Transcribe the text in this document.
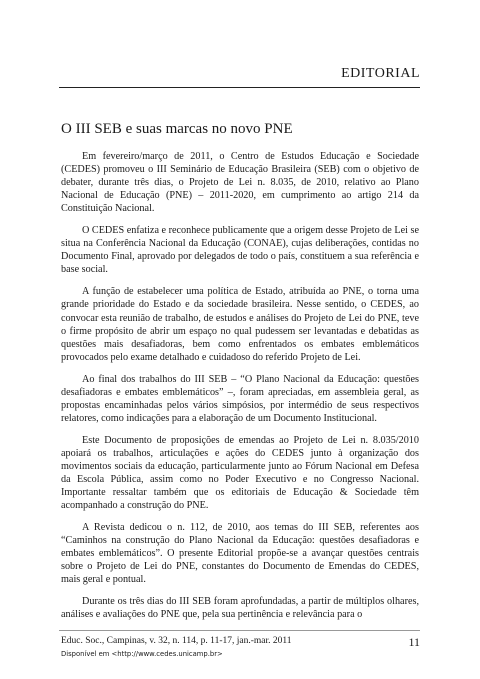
EDITORIAL
O III SEB e suas marcas no novo PNE

Em fevereiro/março de 2011, o Centro de Estudos Educação e Sociedade (CEDES) promoveu o III Seminário de Educação Brasileira (SEB) com o objetivo de debater, durante três dias, o Projeto de Lei n. 8.035, de 2010, relativo ao Plano Nacional de Educação (PNE) – 2011-2020, em cumprimento ao artigo 214 da Constituição Nacional.

O CEDES enfatiza e reconhece publicamente que a origem desse Projeto de Lei se situa na Conferência Nacional da Educação (CONAE), cujas deliberações, contidas no Documento Final, aprovado por delegados de todo o país, constituem a sua referência e base social.

A função de estabelecer uma política de Estado, atribuída ao PNE, o torna uma grande prioridade do Estado e da sociedade brasileira. Nesse sentido, o CEDES, ao convocar esta reunião de trabalho, de estudos e análises do Projeto de Lei do PNE, teve o firme propósito de abrir um espaço no qual pudessem ser levantadas e debatidas as questões mais desafiadoras, bem como enfrentados os embates emblemáticos provocados pelo exame detalhado e cuidadoso do referido Projeto de Lei.

Ao final dos trabalhos do III SEB – “O Plano Nacional da Educação: questões desafiadoras e embates emblemáticos” –, foram apreciadas, em assembleia geral, as propostas encaminhadas pelos vários simpósios, por intermédio de seus respectivos relatores, como indicações para a elaboração de um Documento Institucional.

Este Documento de proposições de emendas ao Projeto de Lei n. 8.035/2010 apoiará os trabalhos, articulações e ações do CEDES junto à organização dos movimentos sociais da educação, particularmente junto ao Fórum Nacional em Defesa da Escola Pública, assim como no Poder Executivo e no Congresso Nacional. Importante ressaltar também que os editoriais de Educação & Sociedade têm acompanhado a construção do PNE.

A Revista dedicou o n. 112, de 2010, aos temas do III SEB, referentes aos “Caminhos na construção do Plano Nacional da Educação: questões desafiadoras e embates emblemáticos”. O presente Editorial propõe-se a avançar questões centrais sobre o Projeto de Lei do PNE, constantes do Documento de Emendas do CEDES, mais geral e pontual.

Durante os três dias do III SEB foram aprofundadas, a partir de múltiplos olhares, análises e avaliações do PNE que, pela sua pertinência e relevância para o

Educ. Soc., Campinas, v. 32, n. 114, p. 11-17, jan.-mar. 2011
Disponível em <http://www.cedes.unicamp.br>
11
